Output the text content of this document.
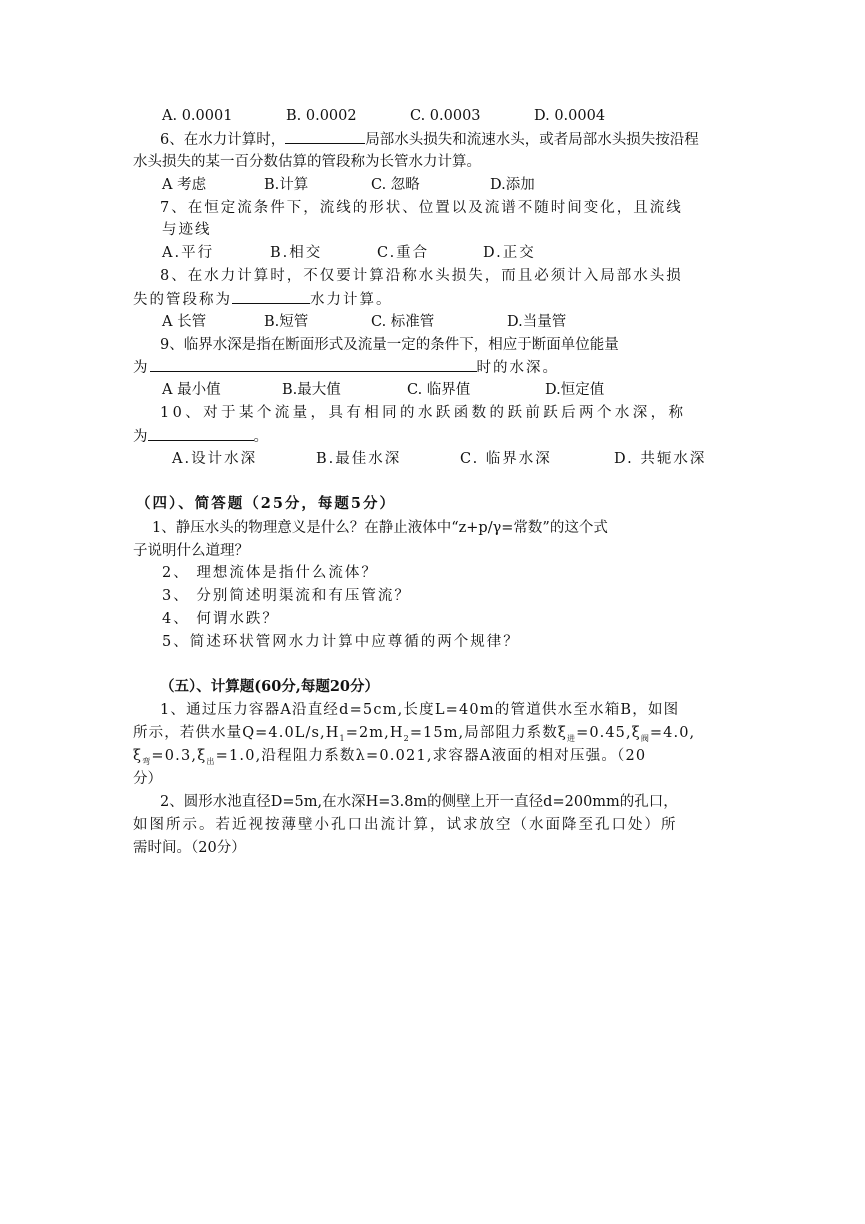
A. 0.0001	B. 0.0002	C. 0.0003	D. 0.0004
6、在水力计算时，	局部水头损失和流速水头，或者局部水头损失按沿程
水头损失的某一百分数估算的管段称为长管水力计算。
A 考虑	B.计算	C. 忽略	D.添加
7、在恒定流条件下，流线的形状、位置以及流谱不随时间变化，且流线
与迹线
A.平行	B.相交	C.重合	D.正交
8、在水力计算时，不仅要计算沿称水头损失，而且必须计入局部水头损
失的管段称为	水力计算。
A 长管	B.短管	C. 标准管	D.当量管
9、临界水深是指在断面形式及流量一定的条件下，相应于断面单位能量
为	时的水深。
A 最小值	B.最大值	C. 临界值	D.恒定值
10、对于某个流量，具有相同的水跃函数的跃前跃后两个水深，称
为	。
A.设计水深	B.最佳水深	C. 临界水深	D. 共轭水深
（四）、简答题（25分，每题5分）
1、静压水头的物理意义是什么？在静止液体中“z+p/γ=常数”的这个式
子说明什么道理？
2、 理想流体是指什么流体？
3、 分别简述明渠流和有压管流？
4、 何谓水跌？
5、简述环状管网水力计算中应尊循的两个规律？
（五）、计算题(60分,每题20分）
1、通过压力容器A沿直经d=5cm,长度L=40m的管道供水至水箱B，如图
所示，若供水量$Q=4.0L/s,H_1=2m,H_2=15m$,局部阻力系数$\xi_进=0.45,\xi_阀=4.0$,
$\xi_弯=0.3,\xi_出=1.0$,沿程阻力系数λ=0.021,求容器A液面的相对压强。（20
分）
2、圆形水池直径D=5m,在水深H=3.8m的侧壁上开一直径d=200mm的孔口，
如图所示。若近视按薄壁小孔口出流计算，试求放空（水面降至孔口处）所
需时间。（20分）
